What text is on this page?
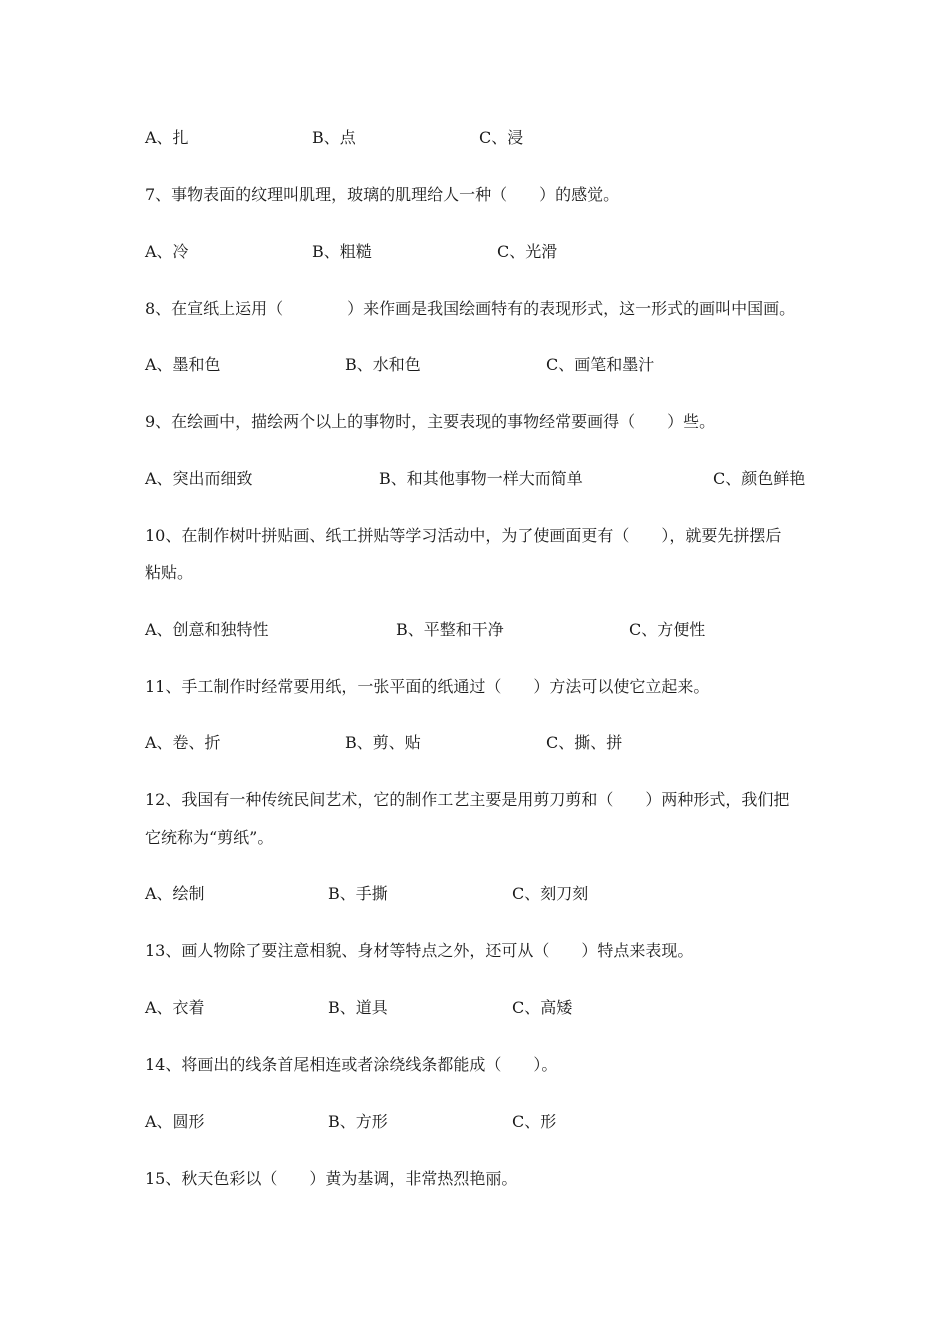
A、扎	B、点	C、浸
7、事物表面的纹理叫肌理，玻璃的肌理给人一种（　　）的感觉。
A、冷	B、粗糙	C、光滑
8、在宣纸上运用（　　　　）来作画是我国绘画特有的表现形式，这一形式的画叫中国画。
A、墨和色	B、水和色	C、画笔和墨汁
9、在绘画中，描绘两个以上的事物时，主要表现的事物经常要画得（　　）些。
A、突出而细致	B、和其他事物一样大而简单	C、颜色鲜艳
10、在制作树叶拼贴画、纸工拼贴等学习活动中，为了使画面更有（　　），就要先拼摆后
粘贴。
A、创意和独特性	B、平整和干净	C、方便性
11、手工制作时经常要用纸，一张平面的纸通过（　　）方法可以使它立起来。
A、卷、折	B、剪、贴	C、撕、拼
12、我国有一种传统民间艺术，它的制作工艺主要是用剪刀剪和（　　）两种形式，我们把
它统称为“剪纸”。
A、绘制	B、手撕	C、刻刀刻
13、画人物除了要注意相貌、身材等特点之外，还可从（　　）特点来表现。
A、衣着	B、道具	C、高矮
14、将画出的线条首尾相连或者涂绕线条都能成（　　）。
A、圆形	B、方形	C、形
15、秋天色彩以（　　）黄为基调，非常热烈艳丽。
